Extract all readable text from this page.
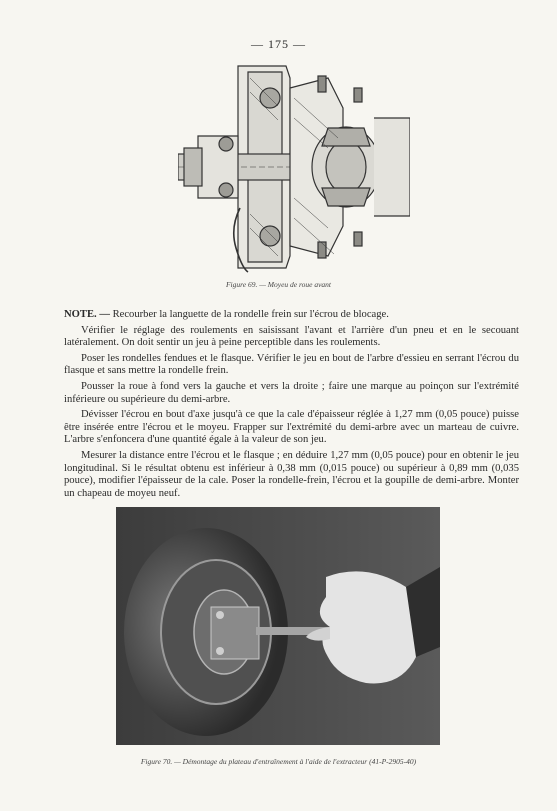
— 175 —
Figure 69. — Moyeu de roue avant

NOTE. — Recourber la languette de la rondelle frein sur l'écrou de blocage.

Vérifier le réglage des roulements en saisissant l'avant et l'arrière d'un pneu et en le secouant latéralement. On doit sentir un jeu à peine perceptible dans les roulements.

Poser les rondelles fendues et le flasque. Vérifier le jeu en bout de l'arbre d'essieu en serrant l'écrou du flasque et sans mettre la rondelle frein.

Pousser la roue à fond vers la gauche et vers la droite ; faire une marque au poinçon sur l'extrémité inférieure ou supérieure du demi-arbre.

Dévisser l'écrou en bout d'axe jusqu'à ce que la cale d'épaisseur réglée à 1,27 mm (0,05 pouce) puisse être insérée entre l'écrou et le moyeu. Frapper sur l'extrémité du demi-arbre avec un marteau de cuivre. L'arbre s'enfoncera d'une quantité égale à la valeur de son jeu.

Mesurer la distance entre l'écrou et le flasque ; en déduire 1,27 mm (0,05 pouce) pour en obtenir le jeu longitudinal. Si le résultat obtenu est inférieur à 0,38 mm (0,015 pouce) ou supérieur à 0,89 mm (0,035 pouce), modifier l'épaisseur de la cale. Poser la rondelle-frein, l'écrou et la goupille de demi-arbre. Monter un chapeau de moyeu neuf.

Figure 70. — Démontage du plateau d'entraînement à l'aide de l'extracteur (41-P-2905-40)
